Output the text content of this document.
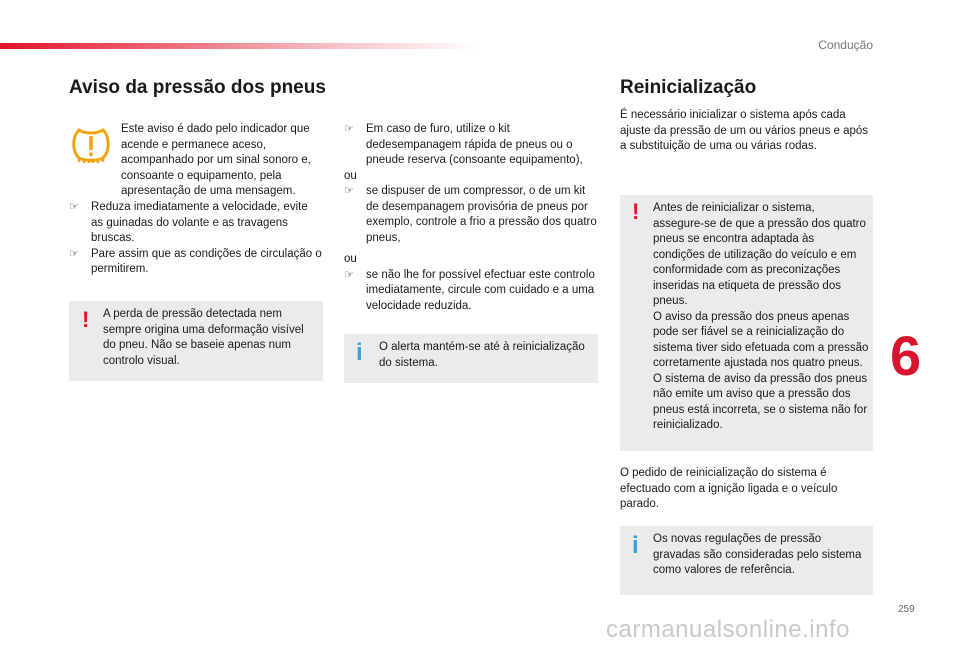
Condução
6
259
carmanualsonline.info
Aviso da pressão dos pneus
Este aviso é dado pelo indicador que acende e permanece aceso, acompanhado por um sinal sonoro e, consoante o equipamento, pela apresentação de uma mensagem.
☞ Reduza imediatamente a velocidade, evite as guinadas do volante e as travagens bruscas.
☞ Pare assim que as condições de circulação o permitirem.
! A perda de pressão detectada nem sempre origina uma deformação visível do pneu. Não se baseie apenas num controlo visual.
☞ Em caso de furo, utilize o kit dedesempanagem rápida de pneus ou o pneude reserva (consoante equipamento),
ou
☞ se dispuser de um compressor, o de um kit de desempanagem provisória de pneus por exemplo, controle a frio a pressão dos quatro pneus,
ou
☞ se não lhe for possível efectuar este controlo imediatamente, circule com cuidado e a uma velocidade reduzida.
i O alerta mantém-se até à reinicialização do sistema.
Reinicialização
É necessário inicializar o sistema após cada ajuste da pressão de um ou vários pneus e após a substituição de uma ou várias rodas.
! Antes de reinicializar o sistema, assegure-se de que a pressão dos quatro pneus se encontra adaptada às condições de utilização do veículo e em conformidade com as preconizações inseridas na etiqueta de pressão dos pneus.
O aviso da pressão dos pneus apenas pode ser fiável se a reinicialização do sistema tiver sido efetuada com a pressão corretamente ajustada nos quatro pneus.
O sistema de aviso da pressão dos pneus não emite um aviso que a pressão dos pneus está incorreta, se o sistema não for reinicializado.
O pedido de reinicialização do sistema é efectuado com a ignição ligada e o veículo parado.
i Os novas regulações de pressão gravadas são consideradas pelo sistema como valores de referência.
